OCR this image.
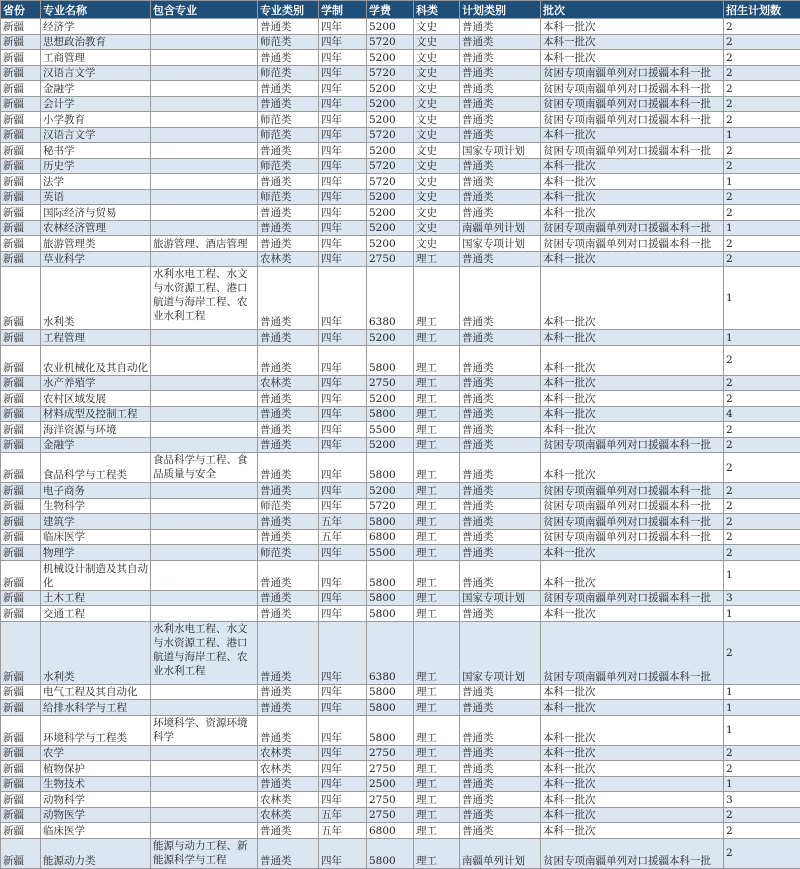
省份	专业名称	包含专业	专业类别	学制	学费	科类	计划类别	批次	招生计划数
新疆	经济学		普通类	四年	5200	文史	普通类	本科一批次	2
新疆	思想政治教育		师范类	四年	5720	文史	普通类	本科一批次	2
新疆	工商管理		普通类	四年	5200	文史	普通类	本科一批次	2
新疆	汉语言文学		师范类	四年	5720	文史	普通类	贫困专项南疆单列对口援疆本科一批	2
新疆	金融学		普通类	四年	5200	文史	普通类	贫困专项南疆单列对口援疆本科一批	2
新疆	会计学		普通类	四年	5200	文史	普通类	贫困专项南疆单列对口援疆本科一批	2
新疆	小学教育		师范类	四年	5200	文史	普通类	贫困专项南疆单列对口援疆本科一批	2
新疆	汉语言文学		师范类	四年	5720	文史	普通类	本科一批次	1
新疆	秘书学		普通类	四年	5200	文史	国家专项计划	贫困专项南疆单列对口援疆本科一批	2
新疆	历史学		师范类	四年	5720	文史	普通类	本科一批次	2
新疆	法学		普通类	四年	5720	文史	普通类	本科一批次	1
新疆	英语		师范类	四年	5200	文史	普通类	本科一批次	2
新疆	国际经济与贸易		普通类	四年	5200	文史	普通类	本科一批次	2
新疆	农林经济管理		普通类	四年	5200	文史	南疆单列计划	贫困专项南疆单列对口援疆本科一批	1
新疆	旅游管理类	旅游管理、酒店管理	普通类	四年	5200	文史	国家专项计划	贫困专项南疆单列对口援疆本科一批	2
新疆	草业科学		农林类	四年	2750	理工	普通类	本科一批次	2
新疆	水利类	水利水电工程、水文与水资源工程、港口航道与海岸工程、农业水利工程	普通类	四年	6380	理工	普通类	本科一批次	1
新疆	工程管理		普通类	四年	5200	理工	普通类	本科一批次	1
新疆	农业机械化及其自动化		普通类	四年	5800	理工	普通类	本科一批次	2
新疆	水产养殖学		农林类	四年	2750	理工	普通类	本科一批次	2
新疆	农村区域发展		普通类	四年	5200	理工	普通类	本科一批次	2
新疆	材料成型及控制工程		普通类	四年	5800	理工	普通类	本科一批次	4
新疆	海洋资源与环境		普通类	四年	5500	理工	普通类	本科一批次	2
新疆	金融学		普通类	四年	5200	理工	普通类	贫困专项南疆单列对口援疆本科一批	2
新疆	食品科学与工程类	食品科学与工程、食品质量与安全	普通类	四年	5800	理工	普通类	本科一批次	2
新疆	电子商务		普通类	四年	5200	理工	普通类	贫困专项南疆单列对口援疆本科一批	2
新疆	生物科学		师范类	四年	5720	理工	普通类	贫困专项南疆单列对口援疆本科一批	2
新疆	建筑学		普通类	五年	5800	理工	普通类	贫困专项南疆单列对口援疆本科一批	2
新疆	临床医学		普通类	五年	6800	理工	普通类	贫困专项南疆单列对口援疆本科一批	2
新疆	物理学		师范类	四年	5500	理工	普通类	本科一批次	2
新疆	机械设计制造及其自动化		普通类	四年	5800	理工	普通类	本科一批次	1
新疆	土木工程		普通类	四年	5800	理工	国家专项计划	贫困专项南疆单列对口援疆本科一批	3
新疆	交通工程		普通类	四年	5800	理工	普通类	本科一批次	1
新疆	水利类	水利水电工程、水文与水资源工程、港口航道与海岸工程、农业水利工程	普通类	四年	6380	理工	国家专项计划	贫困专项南疆单列对口援疆本科一批	2
新疆	电气工程及其自动化		普通类	四年	5800	理工	普通类	本科一批次	1
新疆	给排水科学与工程		普通类	四年	5800	理工	普通类	本科一批次	1
新疆	环境科学与工程类	环境科学、资源环境科学	普通类	四年	5800	理工	普通类	本科一批次	1
新疆	农学		农林类	四年	2750	理工	普通类	本科一批次	2
新疆	植物保护		农林类	四年	2750	理工	普通类	本科一批次	2
新疆	生物技术		普通类	四年	2500	理工	普通类	本科一批次	1
新疆	动物科学		农林类	四年	2750	理工	普通类	本科一批次	3
新疆	动物医学		农林类	五年	2750	理工	普通类	本科一批次	2
新疆	临床医学		普通类	五年	6800	理工	普通类	本科一批次	2
新疆	能源动力类	能源与动力工程、新能源科学与工程	普通类	四年	5800	理工	南疆单列计划	贫困专项南疆单列对口援疆本科一批	2
